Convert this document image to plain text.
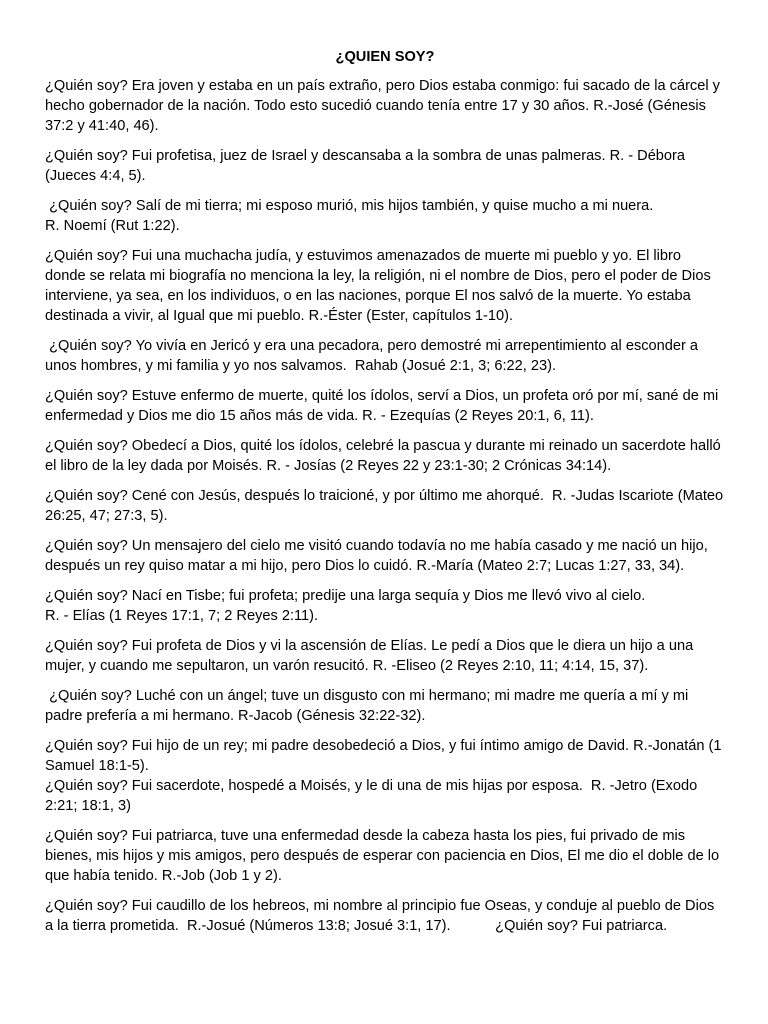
¿QUIEN SOY?

¿Quién soy? Era joven y estaba en un país extraño, pero Dios estaba conmigo: fui sacado de la cárcel y hecho gobernador de la nación. Todo esto sucedió cuando tenía entre 17 y 30 años. R.-José (Génesis 37:2 y 41:40, 46).

¿Quién soy? Fui profetisa, juez de Israel y descansaba a la sombra de unas palmeras. R. - Débora (Jueces 4:4, 5).

¿Quién soy? Salí de mi tierra; mi esposo murió, mis hijos también, y quise mucho a mi nuera.
R. Noemí (Rut 1:22).

¿Quién soy? Fui una muchacha judía, y estuvimos amenazados de muerte mi pueblo y yo. El libro donde se relata mi biografía no menciona la ley, la religión, ni el nombre de Dios, pero el poder de Dios interviene, ya sea, en los individuos, o en las naciones, porque El nos salvó de la muerte. Yo estaba destinada a vivir, al Igual que mi pueblo. R.-Éster (Ester, capítulos 1-10).

¿Quién soy? Yo vivía en Jericó y era una pecadora, pero demostré mi arrepentimiento al esconder a unos hombres, y mi familia y yo nos salvamos.  Rahab (Josué 2:1, 3; 6:22, 23).

¿Quién soy? Estuve enfermo de muerte, quité los ídolos, serví a Dios, un profeta oró por mí, sané de mi enfermedad y Dios me dio 15 años más de vida. R. - Ezequías (2 Reyes 20:1, 6, 11).

¿Quién soy? Obedecí a Dios, quité los ídolos, celebré la pascua y durante mi reinado un sacerdote halló el libro de la ley dada por Moisés. R. - Josías (2 Reyes 22 y 23:1-30; 2 Crónicas 34:14).

¿Quién soy? Cené con Jesús, después lo traicioné, y por último me ahorqué.  R. -Judas Iscariote (Mateo 26:25, 47; 27:3, 5).

¿Quién soy? Un mensajero del cielo me visitó cuando todavía no me había casado y me nació un hijo, después un rey quiso matar a mi hijo, pero Dios lo cuidó. R.-María (Mateo 2:7; Lucas 1:27, 33, 34).

¿Quién soy? Nací en Tisbe; fui profeta; predije una larga sequía y Dios me llevó vivo al cielo.
R. - Elías (1 Reyes 17:1, 7; 2 Reyes 2:11).

¿Quién soy? Fui profeta de Dios y vi la ascensión de Elías. Le pedí a Dios que le diera un hijo a una mujer, y cuando me sepultaron, un varón resucitó. R. -Eliseo (2 Reyes 2:10, 11; 4:14, 15, 37).

¿Quién soy? Luché con un ángel; tuve un disgusto con mi hermano; mi madre me quería a mí y mi padre prefería a mi hermano. R-Jacob (Génesis 32:22-32).

¿Quién soy? Fui hijo de un rey; mi padre desobedeció a Dios, y fui íntimo amigo de David. R.-Jonatán (1 Samuel 18:1-5).

¿Quién soy? Fui sacerdote, hospedé a Moisés, y le di una de mis hijas por esposa.  R. -Jetro (Exodo 2:21; 18:1, 3)

¿Quién soy? Fui patriarca, tuve una enfermedad desde la cabeza hasta los pies, fui privado de mis bienes, mis hijos y mis amigos, pero después de esperar con paciencia en Dios, El me dio el doble de lo que había tenido. R.-Job (Job 1 y 2).

¿Quién soy? Fui caudillo de los hebreos, mi nombre al principio fue Oseas, y conduje al pueblo de Dios a la tierra prometida.  R.-Josué (Números 13:8; Josué 3:1, 17).           ¿Quién soy? Fui patriarca.
